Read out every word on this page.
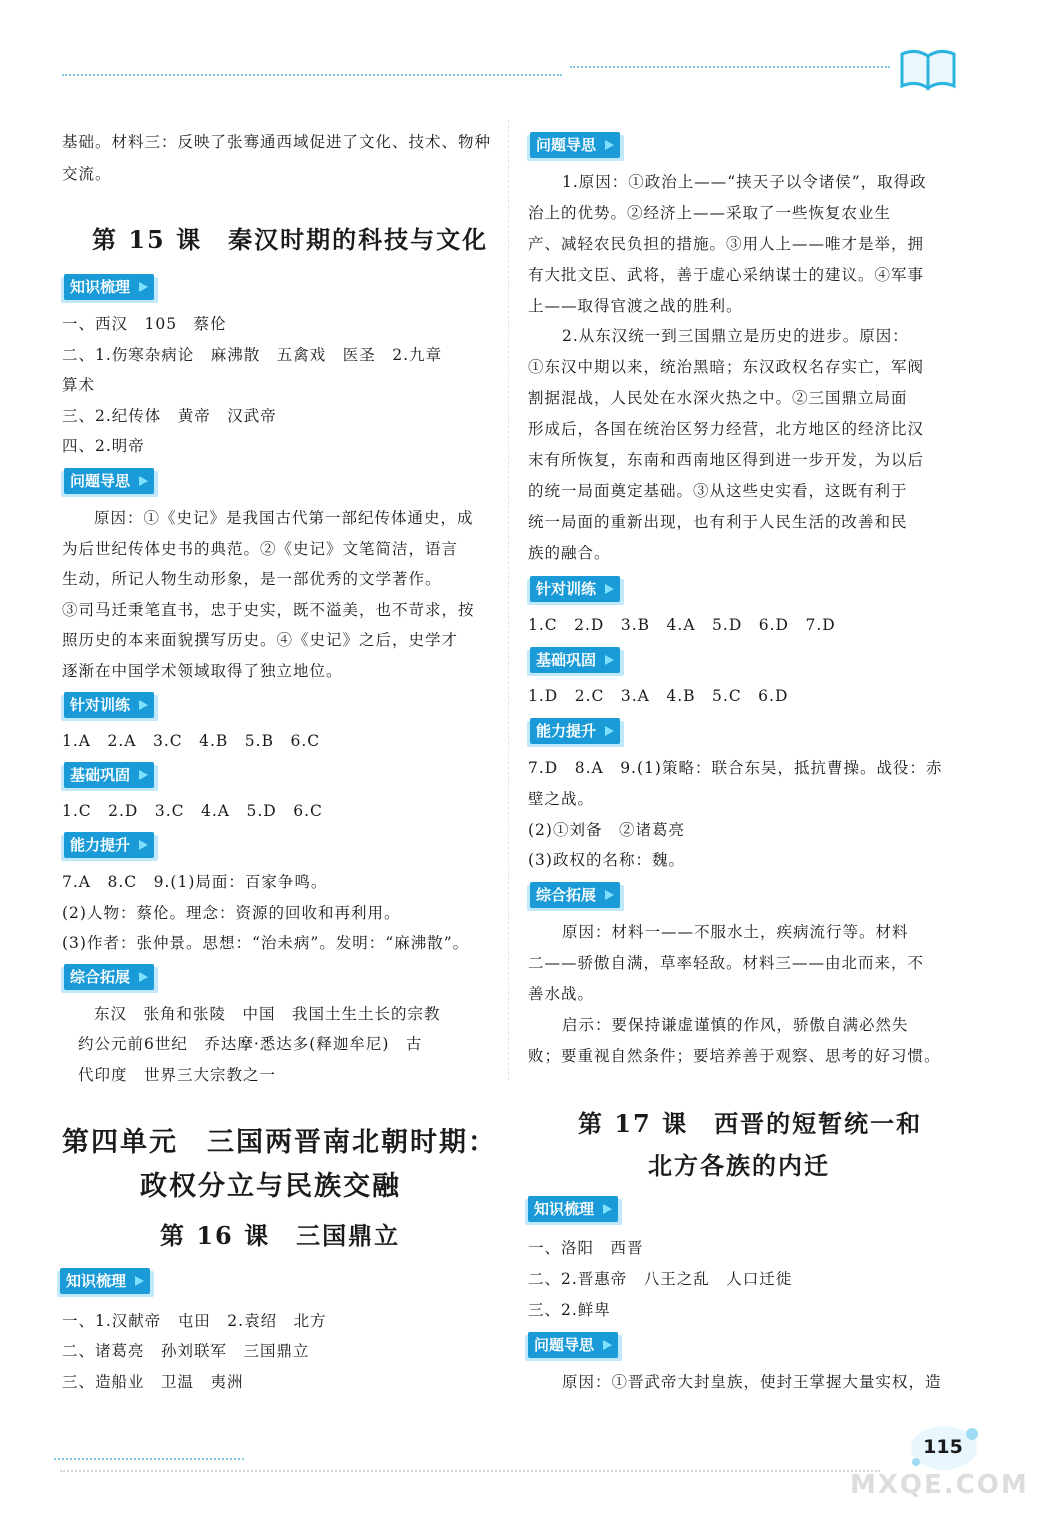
基础。材料三：反映了张骞通西域促进了文化、技术、物种
交流。
第 15 课　秦汉时期的科技与文化
知识梳理
一、西汉　105　蔡伦
二、1.伤寒杂病论　麻沸散　五禽戏　医圣　2.九章
算术
三、2.纪传体　黄帝　汉武帝
四、2.明帝
问题导思
原因：①《史记》是我国古代第一部纪传体通史，成
为后世纪传体史书的典范。②《史记》文笔简洁，语言
生动，所记人物生动形象，是一部优秀的文学著作。
③司马迁秉笔直书，忠于史实，既不溢美，也不苛求，按
照历史的本来面貌撰写历史。④《史记》之后，史学才
逐渐在中国学术领域取得了独立地位。
针对训练
1.A　2.A　3.C　4.B　5.B　6.C
基础巩固
1.C　2.D　3.C　4.A　5.D　6.C
能力提升
7.A　8.C　9.(1)局面：百家争鸣。
(2)人物：蔡伦。理念：资源的回收和再利用。
(3)作者：张仲景。思想：“治未病”。发明：“麻沸散”。
综合拓展
东汉　张角和张陵　中国　我国土生土长的宗教
约公元前6世纪　乔达摩·悉达多(释迦牟尼)　古
代印度　世界三大宗教之一
第四单元　三国两晋南北朝时期：
政权分立与民族交融
第 16 课　三国鼎立
知识梳理
一、1.汉献帝　屯田　2.袁绍　北方
二、诸葛亮　孙刘联军　三国鼎立
三、造船业　卫温　夷洲
问题导思
1.原因：①政治上——“挟天子以令诸侯”，取得政
治上的优势。②经济上——采取了一些恢复农业生
产、减轻农民负担的措施。③用人上——唯才是举，拥
有大批文臣、武将，善于虚心采纳谋士的建议。④军事
上——取得官渡之战的胜利。
2.从东汉统一到三国鼎立是历史的进步。原因：
①东汉中期以来，统治黑暗；东汉政权名存实亡，军阀
割据混战，人民处在水深火热之中。②三国鼎立局面
形成后，各国在统治区努力经营，北方地区的经济比汉
末有所恢复，东南和西南地区得到进一步开发，为以后
的统一局面奠定基础。③从这些史实看，这既有利于
统一局面的重新出现，也有利于人民生活的改善和民
族的融合。
针对训练
1.C　2.D　3.B　4.A　5.D　6.D　7.D
基础巩固
1.D　2.C　3.A　4.B　5.C　6.D
能力提升
7.D　8.A　9.(1)策略：联合东吴，抵抗曹操。战役：赤
壁之战。
(2)①刘备　②诸葛亮
(3)政权的名称：魏。
综合拓展
原因：材料一——不服水土，疾病流行等。材料
二——骄傲自满，草率轻敌。材料三——由北而来，不
善水战。
启示：要保持谦虚谨慎的作风，骄傲自满必然失
败；要重视自然条件；要培养善于观察、思考的好习惯。
第 17 课　西晋的短暂统一和
北方各族的内迁
知识梳理
一、洛阳　西晋
二、2.晋惠帝　八王之乱　人口迁徙
三、2.鲜卑
问题导思
原因：①晋武帝大封皇族，使封王掌握大量实权，造
115
MXQE.COM
